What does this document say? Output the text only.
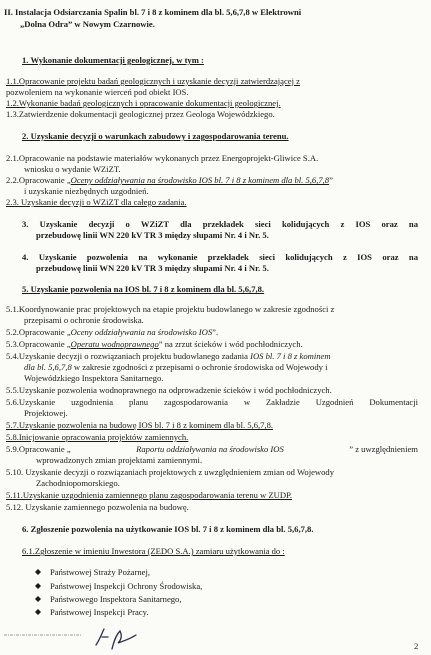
II. Instalacja Odsiarczania Spalin bl. 7 i 8 z kominem dla bl. 5,6,7,8 w Elektrowni
„Dolna Odra” w Nowym Czarnowie.
1. Wykonanie dokumentacji geologicznej, w tym :
1.1.Opracowanie projektu badań geologicznych i uzyskanie decyzji zatwierdzającej z
pozwoleniem na wykonanie wierceń pod obiekt IOS.
1.2.Wykonanie badań geologicznych i opracowanie dokumentacji geologicznej.
1.3.Zatwierdzenie dokumentacji geologicznej przez Geologa Wojewódzkiego.
2. Uzyskanie decyzji o warunkach zabudowy i zagospodarowania terenu.
2.1.Opracowanie na podstawie materiałów wykonanych przez Energoprojekt-Gliwice S.A.
wniosku o wydanie WZiZT.
2.2.Opracowanie „Oceny oddziaływania na środowisko IOS bl. 7 i 8 z kominem dla bl. 5,6,7,8”
i uzyskanie niezbędnych uzgodnień.
2.3. Uzyskanie decyzji o WZiZT dla całego zadania.
3. Uzyskanie decyzji o WZiZT dla przekładek sieci kolidujących z IOS oraz na
przebudowę linii WN 220 kV TR 3 między słupami Nr. 4 i Nr. 5.
4. Uzyskanie pozwolenia na wykonanie przekładek sieci kolidujących z IOS oraz na
przebudowę linii WN 220 kV TR 3 między słupami Nr. 4 i Nr. 5.
5. Uzyskanie pozwolenia na IOS bl. 7 i 8 z kominem dla bl. 5,6,7,8.
5.1.Koordynowanie prac projektowych na etapie projektu budowlanego w zakresie zgodności z
przepisami o ochronie środowiska.
5.2.Opracowanie „Oceny oddziaływania na środowisko IOS”.
5.3.Opracowanie „Operatu wodnoprawnego” na zrzut ścieków i wód pochłodniczych.
5.4.Uzyskanie decyzji o rozwiązaniach projektu budowlanego zadania IOS bl. 7 i 8 z kominem
dla bl. 5,6,7,8 w zakresie zgodności z przepisami o ochronie środowiska od Wojewody i
Wojewódzkiego Inspektora Sanitarnego.
5.5.Uzyskanie pozwolenia wodnoprawnego na odprowadzenie ścieków i wód pochłodniczych.
5.6.Uzyskanie uzgodnienia planu zagospodarowania w Zakładzie Uzgodnień Dokumentacji
Projektowej.
5.7.Uzyskanie pozwolenia na budowę IOS bl. 7 i 8 z kominem dla bl. 5,6,7,8.
5.8.Inicjowanie opracowania projektów zamiennych.
5.9.Opracowanie „	Raportu oddziaływania na środowisko IOS	” z uwzględnieniem
wprowadzonych zmian projektami zamiennymi.
5.10. Uzyskanie decyzji o rozwiązaniach projektowych z uwzględnieniem zmian od Wojewody
Zachodniopomorskiego.
5.11.Uzyskanie uzgodnienia zamiennego planu zagospodarowania terenu w ZUDP.
5.12. Uzyskanie zamiennego pozwolenia na budowę.
6. Zgłoszenie pozwolenia na użytkowanie IOS bl. 7 i 8 z kominem dla bl. 5,6,7,8.
6.1.Zgłoszenie w imieniu Inwestora (ZEDO S.A.) zamiaru użytkowania do :
Państwowej Straży Pożarnej,
Państwowej Inspekcji Ochrony Środowiska,
Państwowego Inspektora Sanitarnego,
Państwowej Inspekcji Pracy.
2
